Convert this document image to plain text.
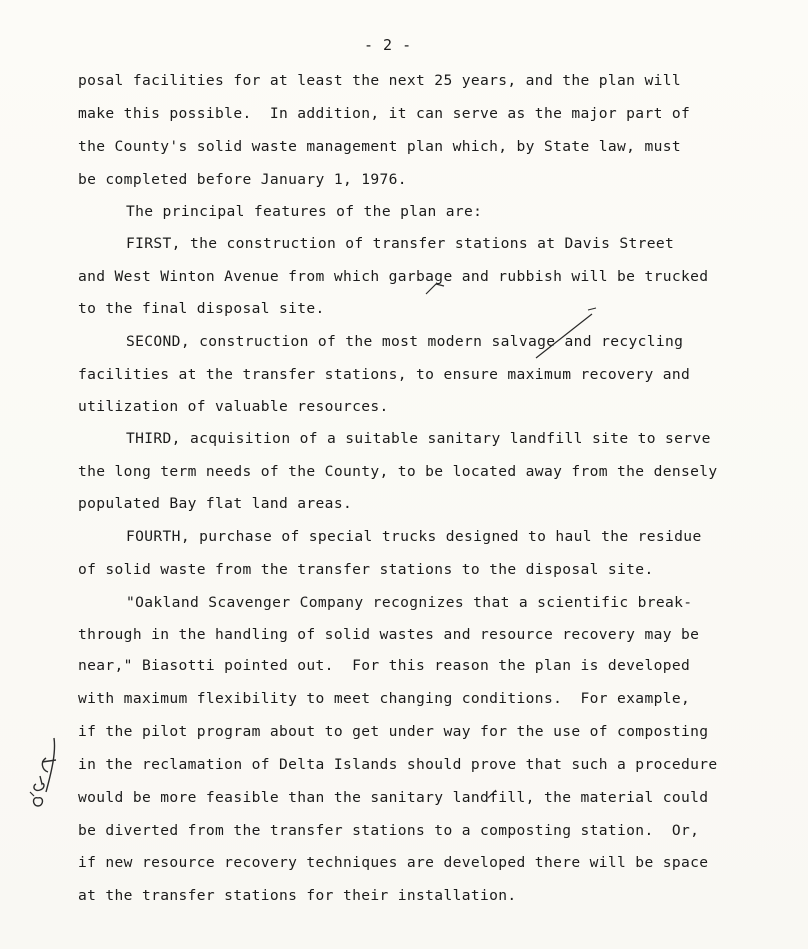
- 2 -
posal facilities for at least the next 25 years, and the plan will
make this possible.  In addition, it can serve as the major part of
the County's solid waste management plan which, by State law, must
be completed before January 1, 1976.
The principal features of the plan are:
FIRST, the construction of transfer stations at Davis Street
and West Winton Avenue from which garbage and rubbish will be trucked
to the final disposal site.
SECOND, construction of the most modern salvage and recycling
facilities at the transfer stations, to ensure maximum recovery and
utilization of valuable resources.
THIRD, acquisition of a suitable sanitary landfill site to serve
the long term needs of the County, to be located away from the densely
populated Bay flat land areas.
FOURTH, purchase of special trucks designed to haul the residue
of solid waste from the transfer stations to the disposal site.
"Oakland Scavenger Company recognizes that a scientific break-
through in the handling of solid wastes and resource recovery may be
near," Biasotti pointed out.  For this reason the plan is developed
with maximum flexibility to meet changing conditions.  For example,
if the pilot program about to get under way for the use of composting
in the reclamation of Delta Islands should prove that such a procedure
would be more feasible than the sanitary landfill, the material could
be diverted from the transfer stations to a composting station.  Or,
if new resource recovery techniques are developed there will be space
at the transfer stations for their installation.
